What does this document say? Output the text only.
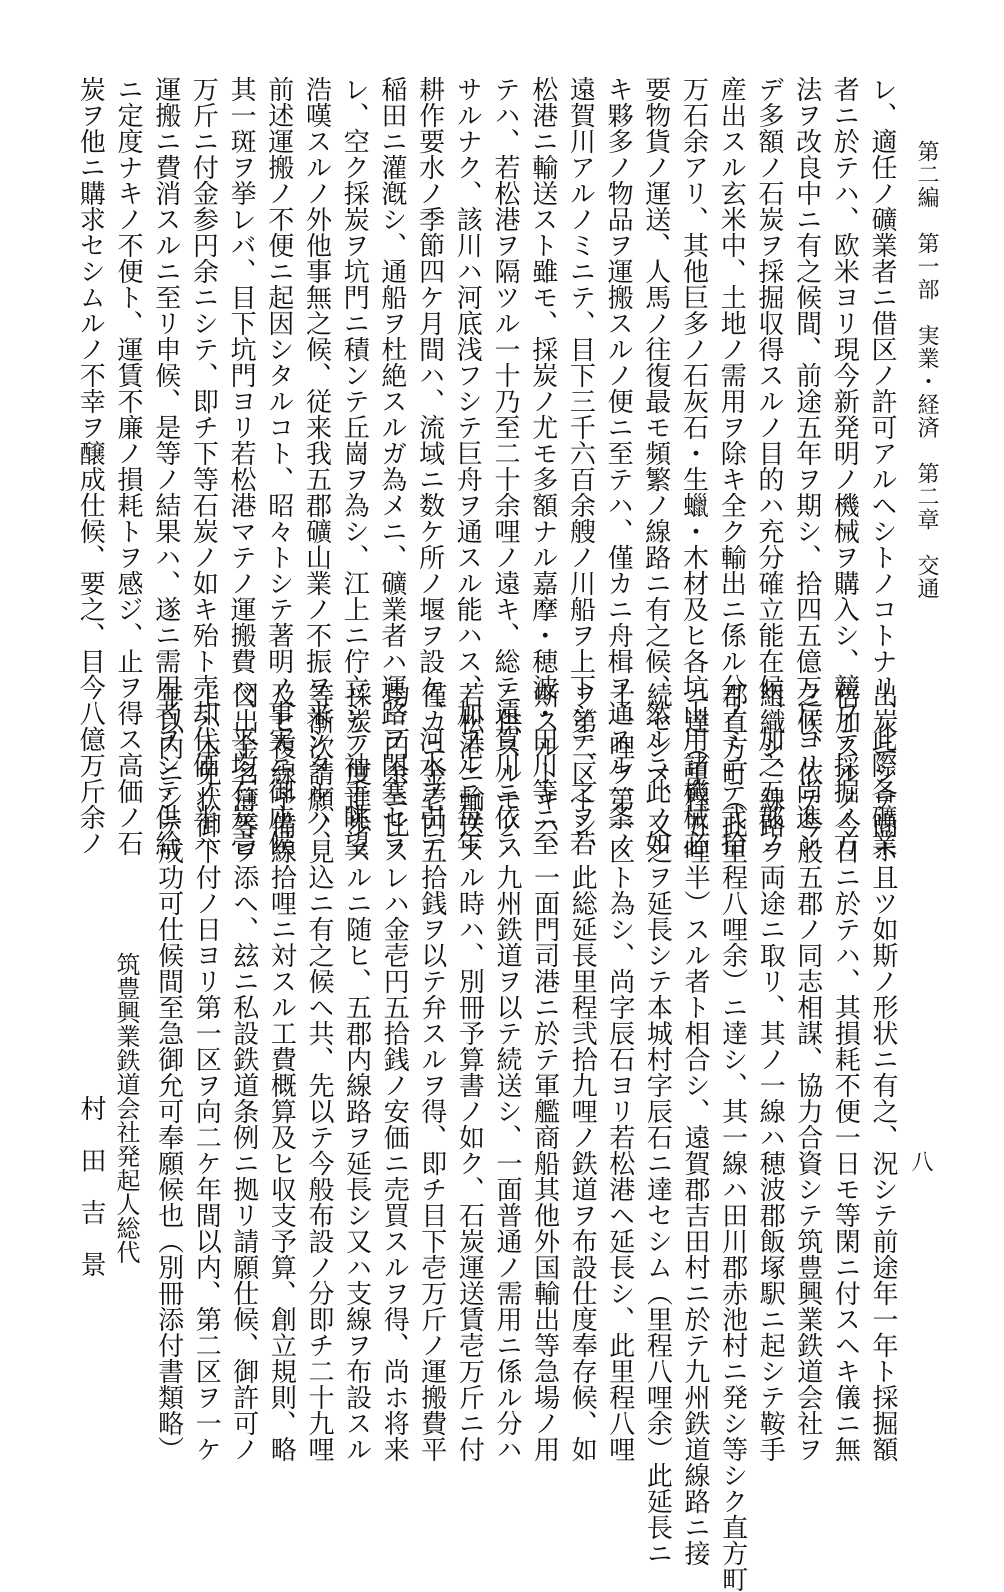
八
第二編　第一部　実業・経済　第二章　交通
レ、適任ノ礦業者ニ借区ノ許可アルヘシトノコトナリ、此際各礦業
者ニ於テハ、欧米ヨリ現今新発明ノ機械ヲ購入シ、競フテ採掘ノ方
法ヲ改良中ニ有之候間、前途五年ヲ期シ、拾四五億万斤ヨリ尚進ン
デ多額ノ石炭ヲ採掘収得スルノ目的ハ充分確立能在候、加之五郡ノ
産出スル玄米中、土地ノ需用ヲ除キ全ク輸出ニ係ル分ノミニテ弐拾
万石余アリ、其他巨多ノ石灰石・生蠟・木材及ヒ各坑山用諸機械必
要物貨ノ運送、人馬ノ往復最モ頻繁ノ線路ニ有之候、然ルニ此ノ如
キ夥多ノ物品ヲ運搬スルノ便ニ至テハ、僅カニ舟楫ヲ通スル一条ノ
遠賀川アルノミニテ、目下三千六百余艘ノ川船ヲ上下シテ、之ヲ若
松港ニ輸送スト雖モ、採炭ノ尤モ多額ナル嘉摩・穂波・田川等ニ至
テハ、若松港ヲ隔ツル一十乃至二十余哩ノ遠キ、総テ遠賀川ニ依ラ
サルナク、該川ハ河底浅フシテ巨舟ヲ通スル能ハス、加フルニ毎年
耕作要水ノ季節四ケ月間ハ、流域ニ数ケ所ノ堰ヲ設ケ、河水ヲ引テ
稲田ニ灌漑シ、通船ヲ杜絶スルガ為メニ、礦業者ハ運路ヲ閉塞セラ
レ、空ク採炭ヲ坑門ニ積ンテ丘崗ヲ為シ、江上ニ佇立シテ袖手眺望
浩嘆スルノ外他事無之候、従来我五郡礦山業ノ不振ヲ来シタルハ、
前述運搬ノ不便ニ起因シタルコト、昭々トシテ著明ノ事実ニ御座候
其一斑ヲ挙レバ、目下坑門ヨリ若松港マテノ運搬費ハ、平均石炭壱
万斤ニ付金参円余ニシテ、即チ下等石炭ノ如キ殆ト売却代価ノ半ハ
運搬ニ費消スルニ至リ申候、是等ノ結果ハ、遂ニ需用者ヲシテ供給
ニ定度ナキノ不便ト、運賃不廉ノ損耗トヲ感ジ、止ヲ得ス高価ノ石
炭ヲ他ニ購求セシムルノ不幸ヲ醸成仕候、要之、目今八億万斤余ノ
出炭ニシテ尚ホ且ツ如斯ノ形状ニ有之、況シテ前途年一年ト採掘額
倍加スルノ今日ニ於テハ、其損耗不便一日モ等閑ニ付スヘキ儀ニ無
之候、依テ今般五郡ノ同志相謀、協力合資シテ筑豊興業鉄道会社ヲ
組織シ、線路ヲ両途ニ取リ、其ノ一線ハ穂波郡飯塚駅ニ起シテ鞍手
郡直方町（此里程八哩余）ニ達シ、其一線ハ田川郡赤池村ニ発シ等シク直方町
ニ達（里程五哩半）スル者ト相合シ、遠賀郡吉田村ニ於テ九州鉄道線路ニ接
続セシメ、又之ヲ延長シテ本城村字辰石ニ達セシム（里程八哩余）此延長ニ
十一哩ヲ第一区ト為シ、尚字辰石ヨリ若松港ヘ延長シ、此里程八哩
ヲ第二区トシ、此総延長里程弐拾九哩ノ鉄道ヲ布設仕度奉存候、如
斯スルトキハ、一面門司港ニ於テ軍艦商船其他外国輸出等急場ノ用
ニ供スルモノハ九州鉄道ヲ以テ続送シ、一面普通ノ需用ニ係ル分ハ
若松港ニ輸送スル時ハ、別冊予算書ノ如ク、石炭運送賃壱万斤ニ付
僅カニ金壱円五拾銭ヲ以テ弁スルヲ得、即チ目下壱万斤ノ運搬費平
均三円余ニ比スレハ金壱円五拾銭ノ安価ニ売買スルヲ得、尚ホ将来
採炭ノ度進歩スルニ随ヒ、五郡内線路ヲ延長シ又ハ支線ヲ布設スル
等漸次請願ノ見込ニ有之候ヘ共、先以テ今般布設ノ分即チ二十九哩
及ヒ複線予備線拾哩ニ対スル工費概算及ヒ収支予算、創立規則、略
図出金名簿等ヲ添ヘ、玆ニ私設鉄道条例ニ拠リ請願仕候、御許可ノ
上ハ本免状御下付ノ日ヨリ第一区ヲ向二ケ年間以内、第二区ヲ一ケ
年以内ニシテ成功可仕候間至急御允可奉願候也（別冊添付書類略）
筑豊興業鉄道会社発起人総代
村田吉景
